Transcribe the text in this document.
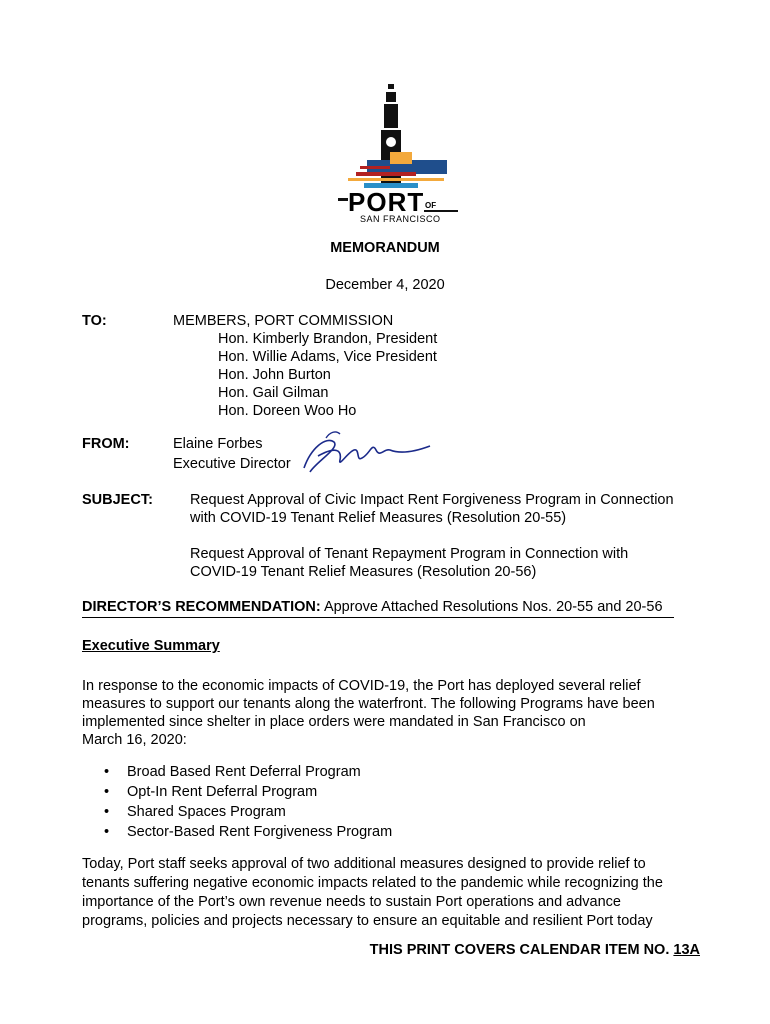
PORT OF
SAN FRANCISCO
MEMORANDUM
December 4, 2020
TO:	MEMBERS, PORT COMMISSION
Hon. Kimberly Brandon, President
Hon. Willie Adams, Vice President
Hon. John Burton
Hon. Gail Gilman
Hon. Doreen Woo Ho
FROM:	Elaine Forbes
Executive Director
SUBJECT:	Request Approval of Civic Impact Rent Forgiveness Program in Connection
with COVID-19 Tenant Relief Measures (Resolution 20-55)
Request Approval of Tenant Repayment Program in Connection with
COVID-19 Tenant Relief Measures (Resolution 20-56)
DIRECTOR’S RECOMMENDATION: Approve Attached Resolutions Nos. 20-55 and 20-56
Executive Summary
In response to the economic impacts of COVID-19, the Port has deployed several relief
measures to support our tenants along the waterfront. The following Programs have been
implemented since shelter in place orders were mandated in San Francisco on
March 16, 2020:
• Broad Based Rent Deferral Program
• Opt-In Rent Deferral Program
• Shared Spaces Program
• Sector-Based Rent Forgiveness Program
Today, Port staff seeks approval of two additional measures designed to provide relief to
tenants suffering negative economic impacts related to the pandemic while recognizing the
importance of the Port’s own revenue needs to sustain Port operations and advance
programs, policies and projects necessary to ensure an equitable and resilient Port today
THIS PRINT COVERS CALENDAR ITEM NO. 13A
